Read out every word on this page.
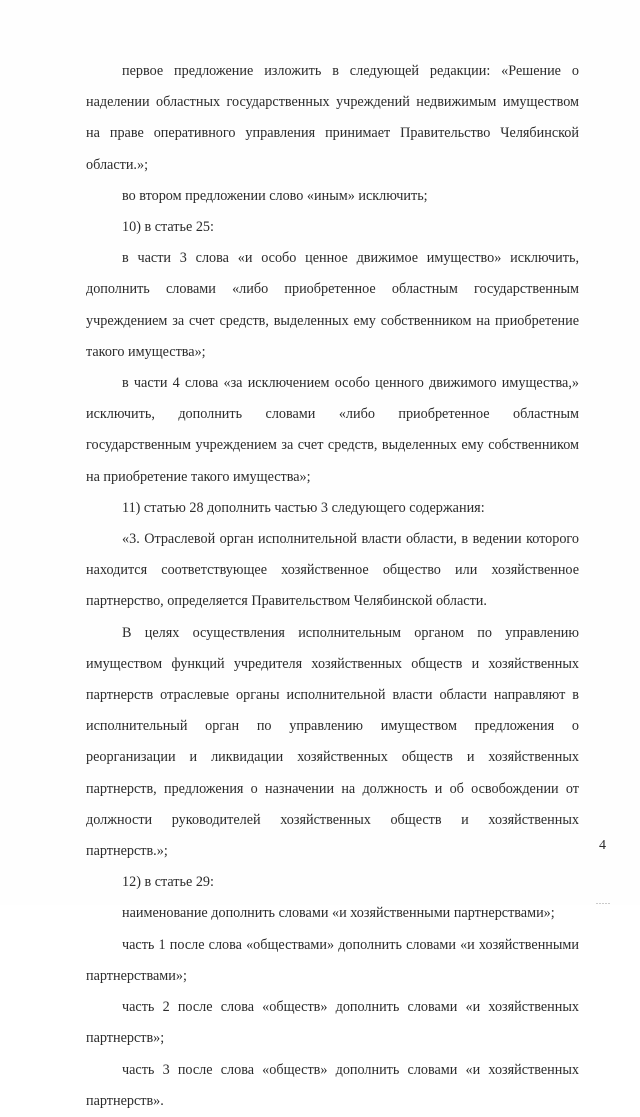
первое предложение изложить в следующей редакции: «Решение о наделении областных государственных учреждений недвижимым имуществом на праве оперативного управления принимает Правительство Челябинской области.»;

во втором предложении слово «иным» исключить;

10) в статье 25:

в части 3 слова «и особо ценное движимое имущество» исключить, дополнить словами «либо приобретенное областным государственным учреждением за счет средств, выделенных ему собственником на приобретение такого имущества»;

в части 4 слова «за исключением особо ценного движимого имущества,» исключить, дополнить словами «либо приобретенное областным государственным учреждением за счет средств, выделенных ему собственником на приобретение такого имущества»;

11) статью 28 дополнить частью 3 следующего содержания:

«3. Отраслевой орган исполнительной власти области, в ведении которого находится соответствующее хозяйственное общество или хозяйственное партнерство, определяется Правительством Челябинской области.

В целях осуществления исполнительным органом по управлению имуществом функций учредителя хозяйственных обществ и хозяйственных партнерств отраслевые органы исполнительной власти области направляют в исполнительный орган по управлению имуществом предложения о реорганизации и ликвидации хозяйственных обществ и хозяйственных партнерств, предложения о назначении на должность и об освобождении от должности руководителей хозяйственных обществ и хозяйственных партнерств.»;

12) в статье 29:

наименование дополнить словами «и хозяйственными партнерствами»;

часть 1 после слова «обществами» дополнить словами «и хозяйственными партнерствами»;

часть 2 после слова «обществ» дополнить словами «и хозяйственных партнерств»;

часть 3 после слова «обществ» дополнить словами «и хозяйственных партнерств».

4
.....
